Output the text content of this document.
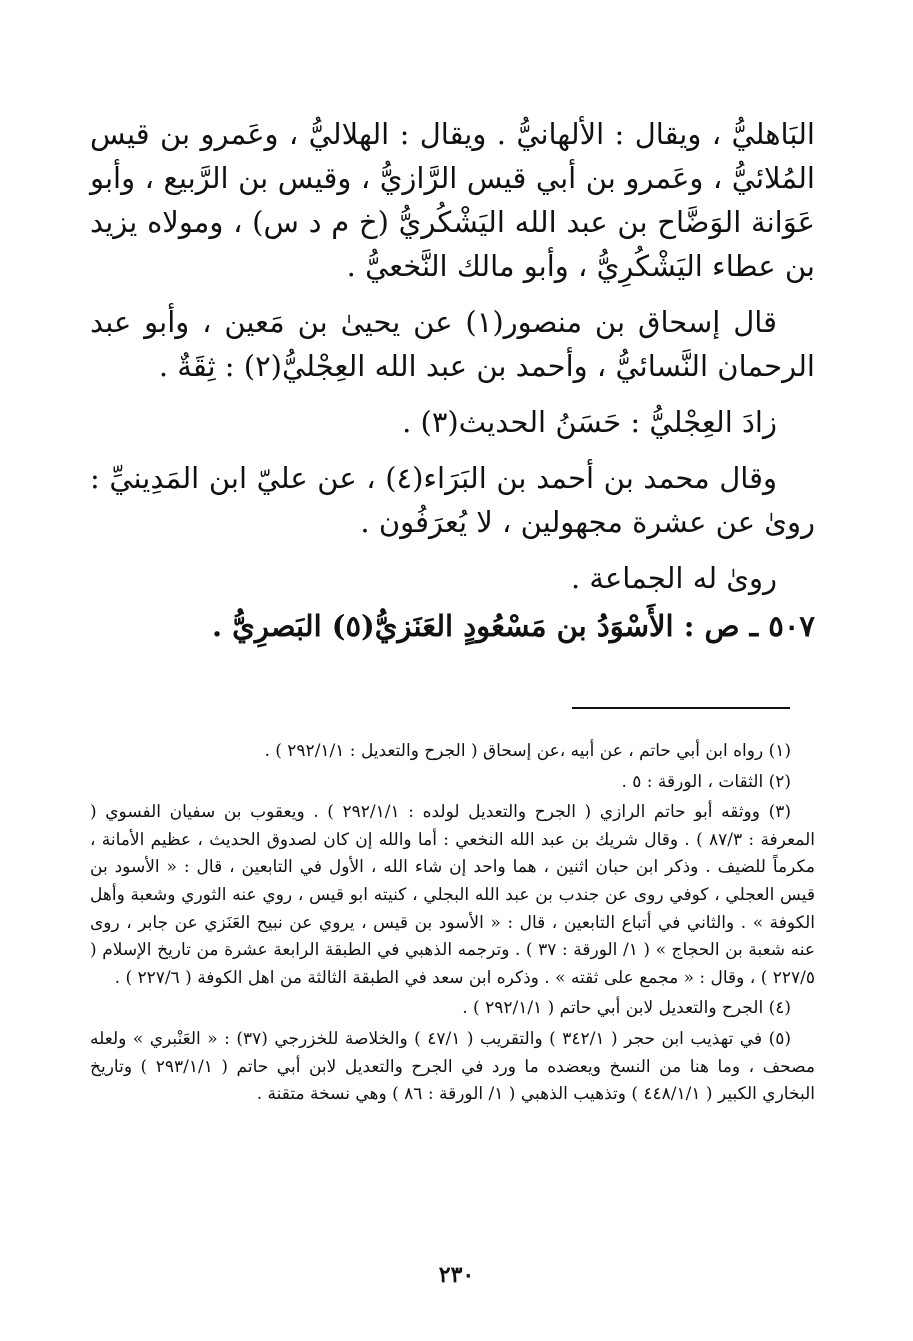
البَاهليُّ ، ويقال : الألهانيُّ . ويقال : الهلاليُّ ، وعَمرو بن قيس المُلائيُّ ، وعَمرو بن أبي قيس الرَّازيُّ ، وقيس بن الرَّبيع ، وأبو عَوَانة الوَضَّاح بن عبد الله اليَشْكُريُّ (خ م د س) ، ومولاه يزيد بن عطاء اليَشْكُرِيُّ ، وأبو مالك النَّخعيُّ .

قال إسحاق بن منصور(١) عن يحيىٰ بن مَعين ، وأبو عبد الرحمان النَّسائيُّ ، وأحمد بن عبد الله العِجْليُّ(٢) : ثِقَةٌ .

زادَ العِجْليُّ : حَسَنُ الحديث(٣) .

وقال محمد بن أحمد بن البَرَاء(٤) ، عن عليّ ابن المَدِينيِّ : روىٰ عن عشرة مجهولين ، لا يُعرَفُون .

روىٰ له الجماعة .

٥٠٧ ـ ص : الأَسْوَدُ بن مَسْعُودٍ العَنَزيُّ(٥) البَصرِيُّ .

(١) رواه ابن أبي حاتم ، عن أبيه ،عن إسحاق ( الجرح والتعديل : ٢٩٢/١/١ ) .

(٢) الثقات ، الورقة : ٥ .

(٣) ووثقه أبو حاتم الرازي ( الجرح والتعديل لولده : ٢٩٢/١/١ ) . ويعقوب بن سفيان الفسوي ( المعرفة : ٨٧/٣ ) . وقال شريك بن عبد الله النخعي : أما والله إن كان لصدوق الحديث ، عظيم الأمانة ، مكرماً للضيف . وذكر ابن حبان اثنين ، هما واحد إن شاء الله ، الأول في التابعين ، قال : « الأسود بن قيس العجلي ، كوفي روى عن جندب بن عبد الله البجلي ، كنيته ابو قيس ، روي عنه الثوري وشعبة وأهل الكوفة » . والثاني في أتباع التابعين ، قال : « الأسود بن قيس ، يروي عن نبيح العَنَزي عن جابر ، روى عنه شعبة بن الحجاج » ( ١/ الورقة : ٣٧ ) . وترجمه الذهبي في الطبقة الرابعة عشرة من تاريخ الإسلام ( ٢٢٧/٥ ) ، وقال : « مجمع على ثقته » . وذكره ابن سعد في الطبقة الثالثة من اهل الكوفة ( ٢٢٧/٦ ) .

(٤) الجرح والتعديل لابن أبي حاتم ( ٢٩٢/١/١ ) .

(٥) في تهذيب ابن حجر ( ٣٤٢/١ ) والتقريب ( ٤٧/١ ) والخلاصة للخزرجي (٣٧) : « العَنْبري » ولعله مصحف ، وما هنا من النسخ ويعضده ما ورد في الجرح والتعديل لابن أبي حاتم ( ٢٩٣/١/١ ) وتاريخ البخاري الكبير ( ٤٤٨/١/١ ) وتذهيب الذهبي ( ١/ الورقة : ٨٦ ) وهي نسخة متقنة .

٢٣٠
